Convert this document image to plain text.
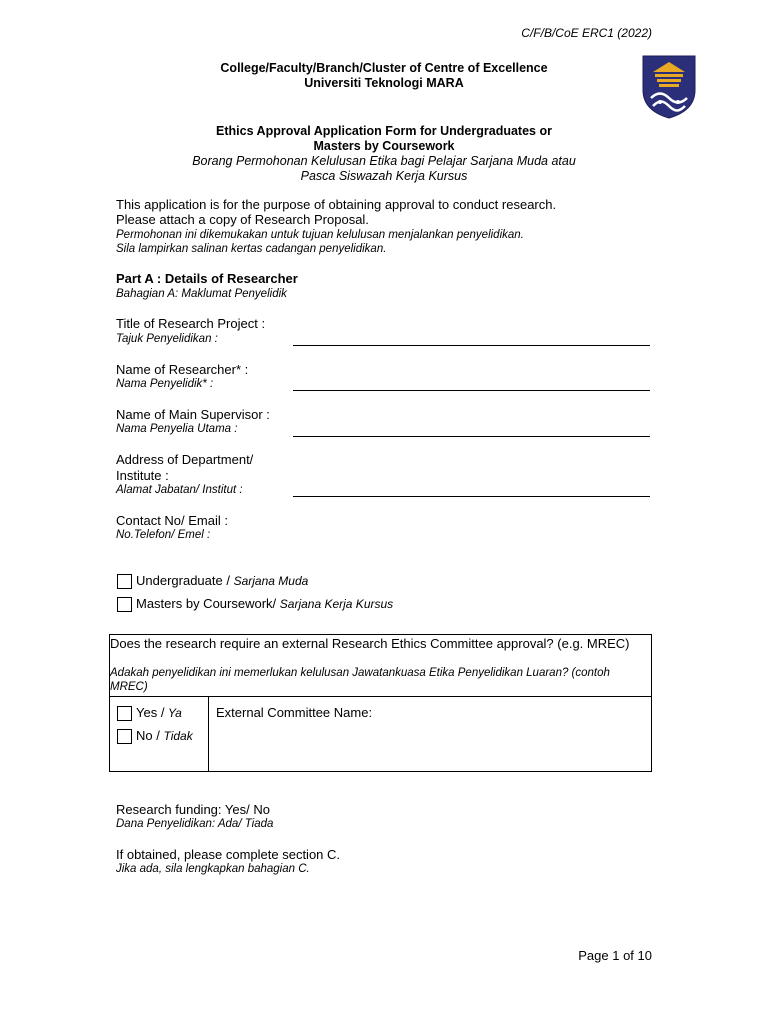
C/F/B/CoE ERC1 (2022)
College/Faculty/Branch/Cluster of Centre of Excellence
Universiti Teknologi MARA
Ethics Approval Application Form for Undergraduates or
Masters by Coursework
Borang Permohonan Kelulusan Etika bagi Pelajar Sarjana Muda atau
Pasca Siswazah Kerja Kursus
This application is for the purpose of obtaining approval to conduct research.
Please attach a copy of Research Proposal.
Permohonan ini dikemukakan untuk tujuan kelulusan menjalankan penyelidikan.
Sila lampirkan salinan kertas cadangan penyelidikan.
Part A : Details of Researcher
Bahagian A: Maklumat Penyelidik
Title of Research Project :
Tajuk Penyelidikan :
Name of Researcher* :
Nama Penyelidik* :
Name of Main Supervisor :
Nama Penyelia Utama :
Address of Department/
Institute :
Alamat Jabatan/ Institut :
Contact No/ Email :
No.Telefon/ Emel :
Undergraduate / Sarjana Muda
Masters by Coursework/ Sarjana Kerja Kursus
Does the research require an external Research Ethics Committee approval? (e.g. MREC)
Adakah penyelidikan ini memerlukan kelulusan Jawatankuasa Etika Penyelidikan Luaran? (contoh MREC)
Yes / Ya
No / Tidak
External Committee Name:
Research funding: Yes/ No
Dana Penyelidikan: Ada/ Tiada
If obtained, please complete section C.
Jika ada, sila lengkapkan bahagian C.
Page 1 of 10
